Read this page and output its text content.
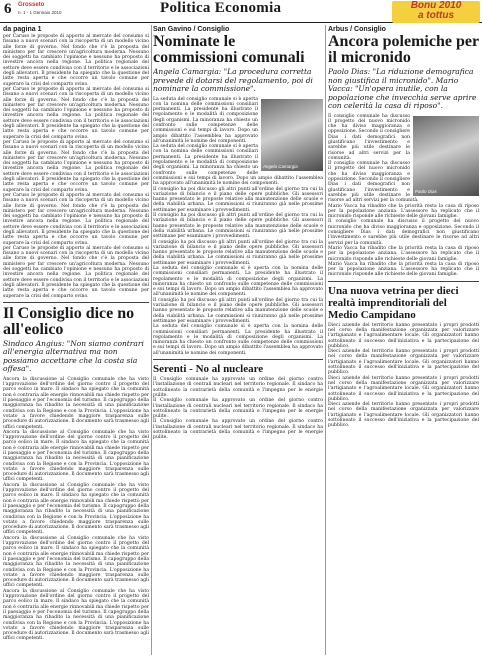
6 Grosseto
n. 1 - 1 Gennaio 2010	Politica Economia	Bonu 2010
a tottus
da pagina 1
per Caruso le proposte di apporto al mercato del consumo si fissano a nuovi scenari con la riscoperta di un modello vicino alle forze di governo. Nel fondo che c'è la proposta del ministero per far crescere un'agricoltura moderna. Nessuno dei soggetti ha cambiato l'opinione e nessuno ha proposto di investire ancora nella regione. La politica regionale del settore deve essere condivisa con il territorio e le associazioni degli allevatori. Il presidente ha spiegato che la questione del latte resta aperta e che occorre un tavolo comune per superare la crisi del comparto ovino.
per Caruso le proposte di apporto al mercato del consumo si fissano a nuovi scenari con la riscoperta di un modello vicino alle forze di governo. Nel fondo che c'è la proposta del ministero per far crescere un'agricoltura moderna. Nessuno dei soggetti ha cambiato l'opinione e nessuno ha proposto di investire ancora nella regione. La politica regionale del settore deve essere condivisa con il territorio e le associazioni degli allevatori. Il presidente ha spiegato che la questione del latte resta aperta e che occorre un tavolo comune per superare la crisi del comparto ovino.
per Caruso le proposte di apporto al mercato del consumo si fissano a nuovi scenari con la riscoperta di un modello vicino alle forze di governo. Nel fondo che c'è la proposta del ministero per far crescere un'agricoltura moderna. Nessuno dei soggetti ha cambiato l'opinione e nessuno ha proposto di investire ancora nella regione. La politica regionale del settore deve essere condivisa con il territorio e le associazioni degli allevatori. Il presidente ha spiegato che la questione del latte resta aperta e che occorre un tavolo comune per superare la crisi del comparto ovino.
per Caruso le proposte di apporto al mercato del consumo si fissano a nuovi scenari con la riscoperta di un modello vicino alle forze di governo. Nel fondo che c'è la proposta del ministero per far crescere un'agricoltura moderna. Nessuno dei soggetti ha cambiato l'opinione e nessuno ha proposto di investire ancora nella regione. La politica regionale del settore deve essere condivisa con il territorio e le associazioni degli allevatori. Il presidente ha spiegato che la questione del latte resta aperta e che occorre un tavolo comune per superare la crisi del comparto ovino.
per Caruso le proposte di apporto al mercato del consumo si fissano a nuovi scenari con la riscoperta di un modello vicino alle forze di governo. Nel fondo che c'è la proposta del ministero per far crescere un'agricoltura moderna. Nessuno dei soggetti ha cambiato l'opinione e nessuno ha proposto di investire ancora nella regione. La politica regionale del settore deve essere condivisa con il territorio e le associazioni degli allevatori. Il presidente ha spiegato che la questione del latte resta aperta e che occorre un tavolo comune per superare la crisi del comparto ovino.
Il Consiglio dice no all'eolico
Sindaco Angius: "Non siamo contrari all'energia alternativa ma non possiamo accettare che la costa sia offesa".
Ancora la discussione al Consiglio comunale che ha visto l'approvazione dell'ordine del giorno contro il progetto del parco eolico in mare. Il sindaco ha spiegato che la comunità non è contraria alle energie rinnovabili ma chiede rispetto per il paesaggio e per l'economia del turismo. Il capogruppo della maggioranza ha ribadito la necessità di una pianificazione condivisa con la Regione e con la Provincia. L'opposizione ha votato a favore chiedendo maggiore trasparenza sulle procedure di autorizzazione. Il documento sarà trasmesso agli uffici competenti.
Ancora la discussione al Consiglio comunale che ha visto l'approvazione dell'ordine del giorno contro il progetto del parco eolico in mare. Il sindaco ha spiegato che la comunità non è contraria alle energie rinnovabili ma chiede rispetto per il paesaggio e per l'economia del turismo. Il capogruppo della maggioranza ha ribadito la necessità di una pianificazione condivisa con la Regione e con la Provincia. L'opposizione ha votato a favore chiedendo maggiore trasparenza sulle procedure di autorizzazione. Il documento sarà trasmesso agli uffici competenti.
Ancora la discussione al Consiglio comunale che ha visto l'approvazione dell'ordine del giorno contro il progetto del parco eolico in mare. Il sindaco ha spiegato che la comunità non è contraria alle energie rinnovabili ma chiede rispetto per il paesaggio e per l'economia del turismo. Il capogruppo della maggioranza ha ribadito la necessità di una pianificazione condivisa con la Regione e con la Provincia. L'opposizione ha votato a favore chiedendo maggiore trasparenza sulle procedure di autorizzazione. Il documento sarà trasmesso agli uffici competenti.
Ancora la discussione al Consiglio comunale che ha visto l'approvazione dell'ordine del giorno contro il progetto del parco eolico in mare. Il sindaco ha spiegato che la comunità non è contraria alle energie rinnovabili ma chiede rispetto per il paesaggio e per l'economia del turismo. Il capogruppo della maggioranza ha ribadito la necessità di una pianificazione condivisa con la Regione e con la Provincia. L'opposizione ha votato a favore chiedendo maggiore trasparenza sulle procedure di autorizzazione. Il documento sarà trasmesso agli uffici competenti.
Ancora la discussione al Consiglio comunale che ha visto l'approvazione dell'ordine del giorno contro il progetto del parco eolico in mare. Il sindaco ha spiegato che la comunità non è contraria alle energie rinnovabili ma chiede rispetto per il paesaggio e per l'economia del turismo. Il capogruppo della maggioranza ha ribadito la necessità di una pianificazione condivisa con la Regione e con la Provincia. L'opposizione ha votato a favore chiedendo maggiore trasparenza sulle procedure di autorizzazione. Il documento sarà trasmesso agli uffici competenti.
San Gavino / Consiglio
Nominate le commissioni comunali
Angela Camargia: "La procedura corretta prevede di dotarsi del regolamento, poi di nominare la commissione".
Angela Camargia
La seduta del consiglio comunale si è aperta con la nomina delle commissioni consiliari permanenti. La presidente ha illustrato il regolamento e le modalità di composizione degli organismi. La minoranza ha chiesto un confronto sulle competenze delle commissioni e sui tempi di lavoro. Dopo un ampio dibattito l'assemblea ha approvato all'unanimità le nomine dei componenti.
La seduta del consiglio comunale si è aperta con la nomina delle commissioni consiliari permanenti. La presidente ha illustrato il regolamento e le modalità di composizione degli organismi. La minoranza ha chiesto un confronto sulle competenze delle commissioni e sui tempi di lavoro. Dopo un ampio dibattito l'assemblea ha approvato all'unanimità le nomine dei componenti.
Il consiglio ha poi discusso gli altri punti all'ordine del giorno tra cui la variazione di bilancio e il piano delle opere pubbliche. Gli assessori hanno presentato le proposte relative alla manutenzione delle scuole e della viabilità urbana. Le commissioni si riuniranno già nelle prossime settimane per esaminare i provvedimenti.
Il consiglio ha poi discusso gli altri punti all'ordine del giorno tra cui la variazione di bilancio e il piano delle opere pubbliche. Gli assessori hanno presentato le proposte relative alla manutenzione delle scuole e della viabilità urbana. Le commissioni si riuniranno già nelle prossime settimane per esaminare i provvedimenti.
Il consiglio ha poi discusso gli altri punti all'ordine del giorno tra cui la variazione di bilancio e il piano delle opere pubbliche. Gli assessori hanno presentato le proposte relative alla manutenzione delle scuole e della viabilità urbana. Le commissioni si riuniranno già nelle prossime settimane per esaminare i provvedimenti.
La seduta del consiglio comunale si è aperta con la nomina delle commissioni consiliari permanenti. La presidente ha illustrato il regolamento e le modalità di composizione degli organismi. La minoranza ha chiesto un confronto sulle competenze delle commissioni e sui tempi di lavoro. Dopo un ampio dibattito l'assemblea ha approvato all'unanimità le nomine dei componenti.
Il consiglio ha poi discusso gli altri punti all'ordine del giorno tra cui la variazione di bilancio e il piano delle opere pubbliche. Gli assessori hanno presentato le proposte relative alla manutenzione delle scuole e della viabilità urbana. Le commissioni si riuniranno già nelle prossime settimane per esaminare i provvedimenti.
La seduta del consiglio comunale si è aperta con la nomina delle commissioni consiliari permanenti. La presidente ha illustrato il regolamento e le modalità di composizione degli organismi. La minoranza ha chiesto un confronto sulle competenze delle commissioni e sui tempi di lavoro. Dopo un ampio dibattito l'assemblea ha approvato all'unanimità le nomine dei componenti.
Serenti - No al nucleare
Il Consiglio comunale ha approvato un ordine del giorno contro l'installazione di centrali nucleari nel territorio regionale. Il sindaco ha sottolineato la contrarietà della comunità e l'impegno per le energie pulite.
Il Consiglio comunale ha approvato un ordine del giorno contro l'installazione di centrali nucleari nel territorio regionale. Il sindaco ha sottolineato la contrarietà della comunità e l'impegno per le energie pulite.
Il Consiglio comunale ha approvato un ordine del giorno contro l'installazione di centrali nucleari nel territorio regionale. Il sindaco ha sottolineato la contrarietà della comunità e l'impegno per le energie pulite.
Arbus / Consiglio
Ancora polemiche per il micronido
Paolo Dias: "La riduzione demografica non giustifica il micronido". Mario Vacca: "Un'opera inutile, con la popolazione che invecchia serve aprire con celerità la casa di riposo".
Paolo Dias
Il consiglio comunale ha discusso il progetto del nuovo micronido che ha diviso maggioranza e opposizione. Secondo il consigliere Dias i dati demografici non giustificano l'investimento e sarebbe più utile destinare le risorse ad altri servizi per la comunità.
Il consiglio comunale ha discusso il progetto del nuovo micronido che ha diviso maggioranza e opposizione. Secondo il consigliere Dias i dati demografici non giustificano l'investimento e sarebbe più utile destinare le risorse ad altri servizi per la comunità.
Mario Vacca ha ribadito che la priorità resta la casa di riposo per la popolazione anziana. L'assessore ha replicato che il micronido risponde alle richieste delle giovani famiglie.
Il consiglio comunale ha discusso il progetto del nuovo micronido che ha diviso maggioranza e opposizione. Secondo il consigliere Dias i dati demografici non giustificano l'investimento e sarebbe più utile destinare le risorse ad altri servizi per la comunità.
Mario Vacca ha ribadito che la priorità resta la casa di riposo per la popolazione anziana. L'assessore ha replicato che il micronido risponde alle richieste delle giovani famiglie.
Mario Vacca ha ribadito che la priorità resta la casa di riposo per la popolazione anziana. L'assessore ha replicato che il micronido risponde alle richieste delle giovani famiglie.
Una nuova vetrina per dieci realtà imprenditoriali del Medio Campidano
Dieci aziende del territorio hanno presentato i propri prodotti nel corso della manifestazione organizzata per valorizzare l'artigianato e l'agroalimentare locale. Gli organizzatori hanno sottolineato il successo dell'iniziativa e la partecipazione del pubblico.
Dieci aziende del territorio hanno presentato i propri prodotti nel corso della manifestazione organizzata per valorizzare l'artigianato e l'agroalimentare locale. Gli organizzatori hanno sottolineato il successo dell'iniziativa e la partecipazione del pubblico.
Dieci aziende del territorio hanno presentato i propri prodotti nel corso della manifestazione organizzata per valorizzare l'artigianato e l'agroalimentare locale. Gli organizzatori hanno sottolineato il successo dell'iniziativa e la partecipazione del pubblico.
Dieci aziende del territorio hanno presentato i propri prodotti nel corso della manifestazione organizzata per valorizzare l'artigianato e l'agroalimentare locale. Gli organizzatori hanno sottolineato il successo dell'iniziativa e la partecipazione del pubblico.
